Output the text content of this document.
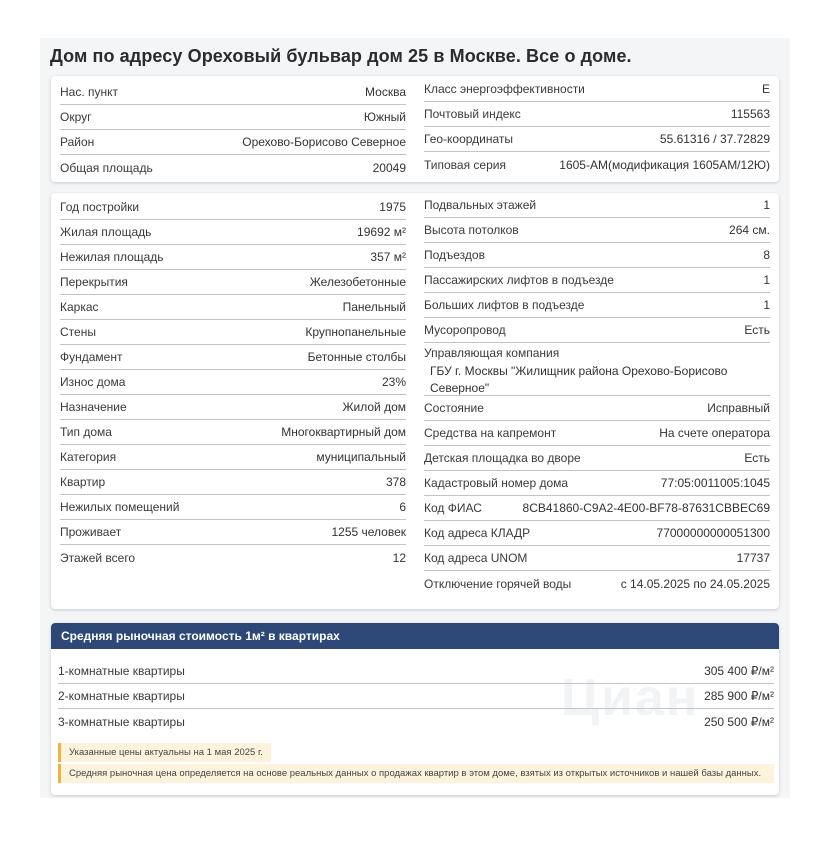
Дом по адресу Ореховый бульвар дом 25 в Москве. Все о доме.
Нас. пункт	Москва
Округ	Южный
Район	Орехово-Борисово Северное
Общая площадь	20049
Класс энергоэффективности	E
Почтовый индекс	115563
Гео-координаты	55.61316 / 37.72829
Типовая серия	1605-АМ(модификация 1605АМ/12Ю)
Год постройки	1975
Жилая площадь	19692 м²
Нежилая площадь	357 м²
Перекрытия	Железобетонные
Каркас	Панельный
Стены	Крупнопанельные
Фундамент	Бетонные столбы
Износ дома	23%
Назначение	Жилой дом
Тип дома	Многоквартирный дом
Категория	муниципальный
Квартир	378
Нежилых помещений	6
Проживает	1255 человек
Этажей всего	12
Подвальных этажей	1
Высота потолков	264 см.
Подъездов	8
Пассажирских лифтов в подъезде	1
Больших лифтов в подъезде	1
Мусоропровод	Есть
Управляющая компания
ГБУ г. Москвы "Жилищник района Орехово-Борисово Северное"
Состояние	Исправный
Средства на капремонт	На счете оператора
Детская площадка во дворе	Есть
Кадастровый номер дома	77:05:0011005:1045
Код ФИАС	8CB41860-C9A2-4E00-BF78-87631CBBEC69
Код адреса КЛАДР	77000000000051300
Код адреса UNOM	17737
Отключение горячей воды	с 14.05.2025 по 24.05.2025
Средняя рыночная стоимость 1м² в квартирах
Циан
1-комнатные квартиры	305 400 ₽/м²
2-комнатные квартиры	285 900 ₽/м²
3-комнатные квартиры	250 500 ₽/м²
Указанные цены актуальны на 1 мая 2025 г.
Средняя рыночная цена определяется на основе реальных данных о продажах квартир в этом доме, взятых из открытых источников и нашей базы данных.
